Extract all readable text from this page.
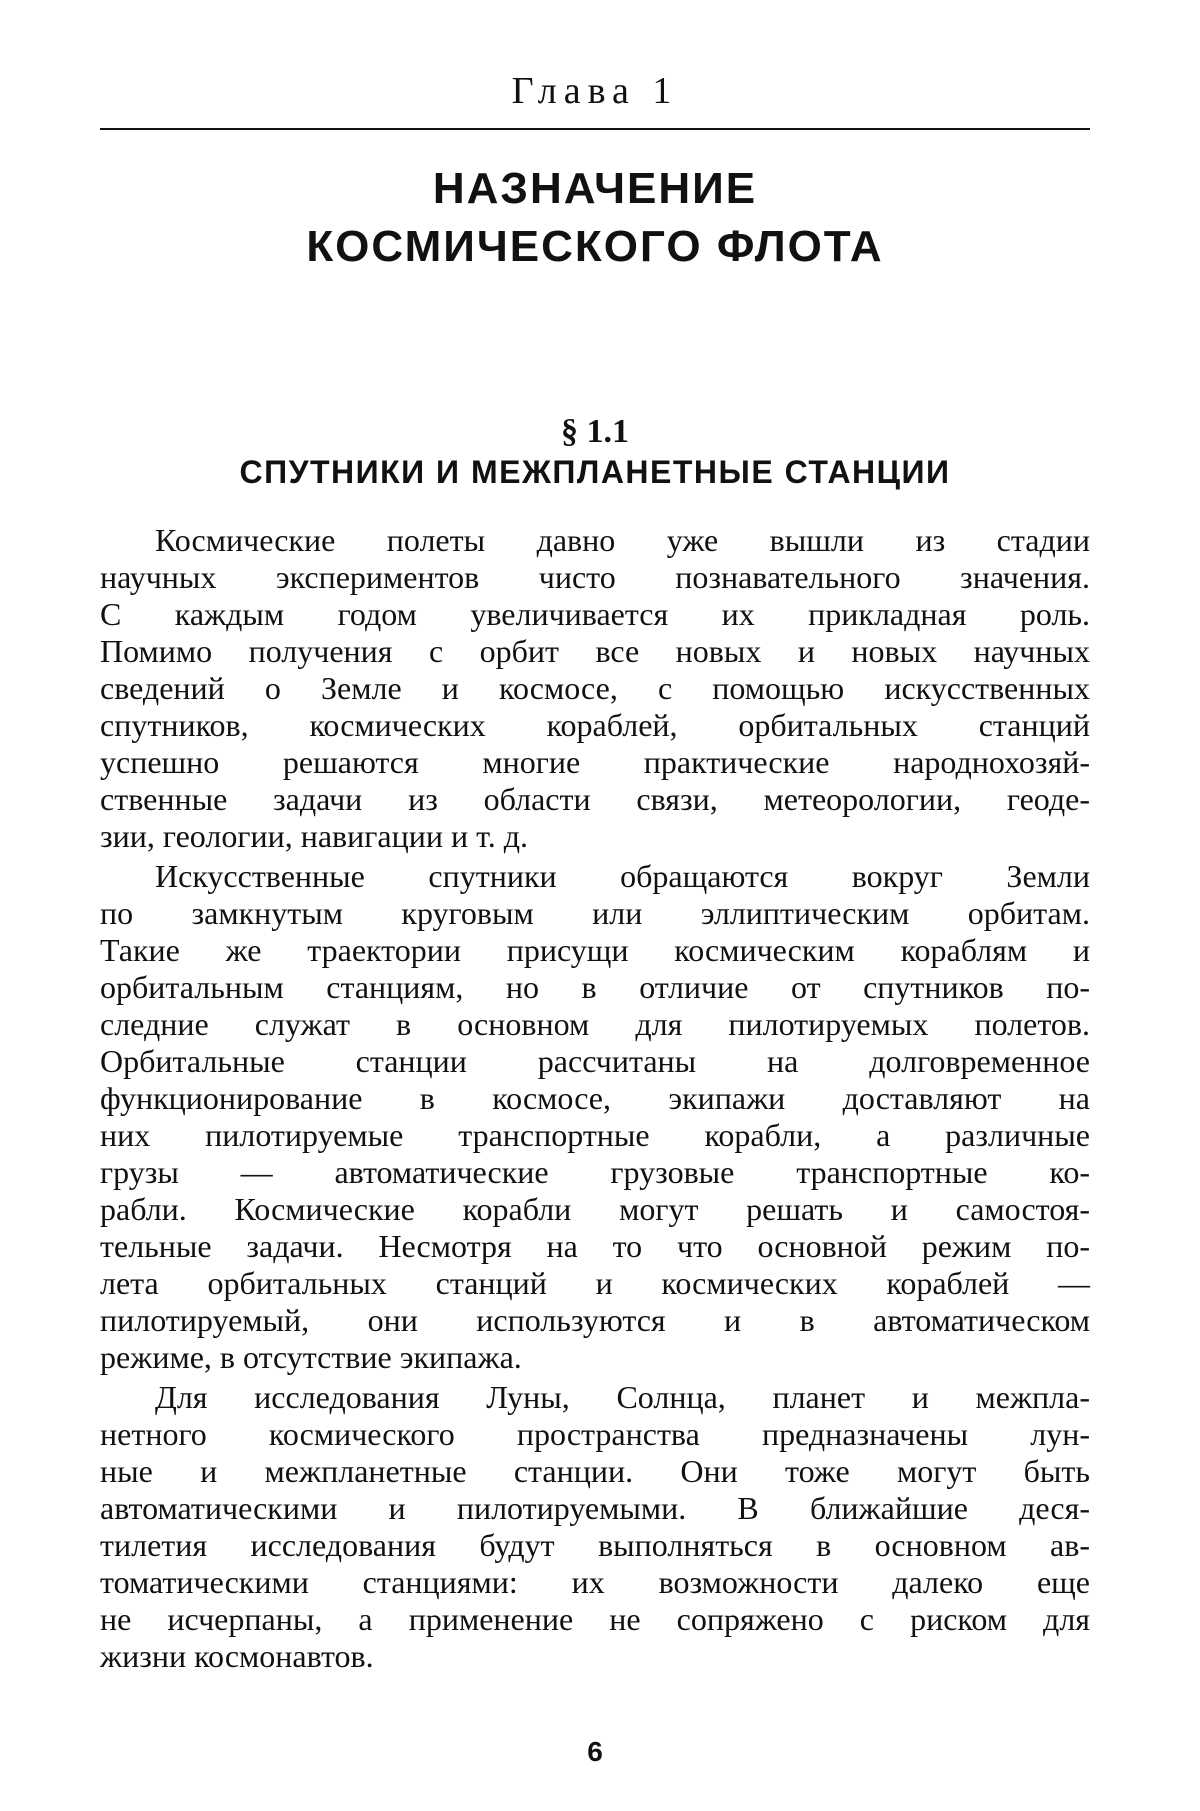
Глава 1
НАЗНАЧЕНИЕ
КОСМИЧЕСКОГО ФЛОТА
§ 1.1
СПУТНИКИ И МЕЖПЛАНЕТНЫЕ СТАНЦИИ
Космические полеты давно уже вышли из стадии
научных экспериментов чисто познавательного значения.
С каждым годом увеличивается их прикладная роль.
Помимо получения с орбит все новых и новых научных
сведений о Земле и космосе, с помощью искусственных
спутников, космических кораблей, орбитальных станций
успешно решаются многие практические народнохозяй-
ственные задачи из области связи, метеорологии, геоде-
зии, геологии, навигации и т. д.
Искусственные спутники обращаются вокруг Земли
по замкнутым круговым или эллиптическим орбитам.
Такие же траектории присущи космическим кораблям и
орбитальным станциям, но в отличие от спутников по-
следние служат в основном для пилотируемых полетов.
Орбитальные станции рассчитаны на долговременное
функционирование в космосе, экипажи доставляют на
них пилотируемые транспортные корабли, а различные
грузы — автоматические грузовые транспортные ко-
рабли. Космические корабли могут решать и самостоя-
тельные задачи. Несмотря на то что основной режим по-
лета орбитальных станций и космических кораблей —
пилотируемый, они используются и в автоматическом
режиме, в отсутствие экипажа.
Для исследования Луны, Солнца, планет и межпла-
нетного космического пространства предназначены лун-
ные и межпланетные станции. Они тоже могут быть
автоматическими и пилотируемыми. В ближайшие деся-
тилетия исследования будут выполняться в основном ав-
томатическими станциями: их возможности далеко еще
не исчерпаны, а применение не сопряжено с риском для
жизни космонавтов.
6
